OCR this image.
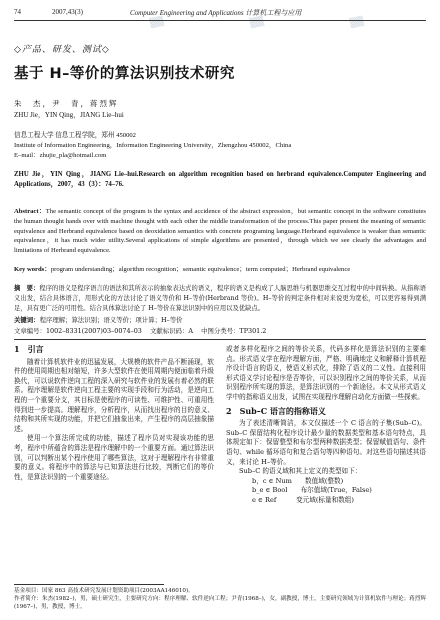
▒▒	▒▒	▒▒
74	2007,43(3)	Computer Engineering and Applications 计算机工程与应用
◇产品、研发、测试◇
基于 H–等价的算法识别技术研究
朱　杰，尹　青，蒋烈辉
ZHU Jie，YIN Qing，JIANG Lie–hui
信息工程大学 信息工程学院，郑州 450002
Institute of Information Engineering，Information Engineering University，Zhengzhou 450002，China
E–mail：zhujie_pla@hotmail.com
ZHU Jie，YIN Qing，JIANG Lie–hui.Research on algorithm recognition based on herbrand equivalence.Computer Engineering and Applications，2007，43（3）：74–76.
Abstract：The semantic concept of the program is the syntax and accidence of the abstract expression，but semantic concept in the software constitutes the human thought hands over with machine thought with each other the middle transformation of the process.This paper present the meaning of semantic equivalence and Herbrand equivalence based on deoxidation semantics with concrete programing language.Herbrand equivalence is weaker than semantic equivalence，it has much wider utility.Several applications of simple algorithms are presented，through which we see clearly the advantages and limitations of Herbrand equivalence.
Key words：program understanding；algorithm recognition；semantic equivalence；term computed；Herbrand equivalence
摘　要：程序的语义是程序语言的语法和其所表示的抽象表达式的语义，程序的语义是构成了人脑思维与机器思维交互过程中的中间转换。从指称语义出发，结合具体语言，用形式化的方法讨论了语义等价和 H–等价(Herbrand 等价)。H–等价的判定条件相对来说更为宽松，可以更容易得到满足，具有更广泛的可用性。结合具体算法讨论了 H–等价在算法识别中的应用以及优缺点。
关键词：程序理解；算法识别；语义等价；项计算；H–等价
文章编号：1002–8331(2007)03–0074–03 文献标识码：A 中图分类号：TP301.2
1　引言
随着计算机软件业的迅猛发展，大规模的软件产品不断涌现，软件的使用周期也相对缩短，许多大型软件在使用周期内便面临着升级换代，可以说软件逆向工程的深入研究与软件业的发展有着必然的联系。程序理解是软件逆向工程主要的实现手段和行为活动，是逆向工程的一个重要分支，其目标是使程序的可读性、可维护性、可重用性得到进一步提高。理解程序，分析程序，从而找出程序的目的意义、结构和其所实现的功能，并把它们抽象出来，产生程序的高层抽象描述。
使用一个算法所完成的功能，描述了程序员对实现该功能的思考，程序中所蕴含的算法是程序理解中的一个重要方面。通过算法识别，可以判断出某个程序使用了哪些算法，这对于理解程序有非常重要的意义。将程序中的算法与已知算法进行比较，判断它们的等价性，是算法识别的一个重要途径。
或者多样化程序之间的等价关系，代码多样化是算法识别的主要难点。形式语义学在程序理解方面，严格、明确地定义和解释计算机程序设计语言的语义，使语义形式化，排除了语义的二义性。直接利用形式语义学讨论程序是否等价，可以识别程序之间的等价关系，从而识别程序所实现的算法，是算法识别的一个新途径。本文从形式语义学中的指称语义出发，试图在实现程序理解自动化方面做一些探索。
2　Sub–C 语言的指称语义
为了表述清晰简洁，本文仅描述一个 C 语言的子集(Sub–C)。Sub–C 保留结构化程序设计最少量的数据类型和基本语句特点，具体规定如下：保留整型和布尔型两种数据类型；保留赋值语句、条件语句、while 循环语句和复合语句等四种语句。对这些语句描述其语义，来讨论 H–等价。
Sub–C 的语义域和其上定义的类型如下：
b，c ∈ Num　　数值域(整数)
b_e ∈ Bool　　布尔值域(True，False)
e ∈ Ref　　　变元域(标量和数组)
基金项目：国家 863 高技术研究发展计划资助项目(2003AA146010)。
作者简介：朱杰(1982–)，男，硕士研究生，主要研究方向：程序理解、软件逆向工程；尹青(1968–)，女，副教授，博士，主要研究领域为计算机软件与理论；蒋烈辉(1967–)，男，教授，博士。
